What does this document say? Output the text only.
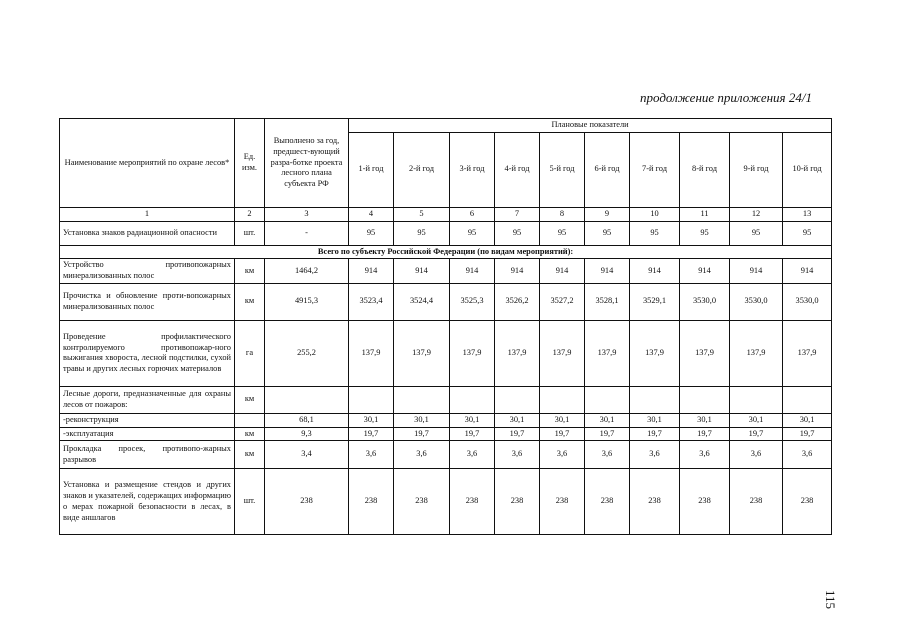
продолжение приложения 24/1
Наименование мероприятий по охране лесов*	Ед. изм.	Выполнено за год, предшест-вующий разра-ботке проекта лесного плана субъекта РФ	Плановые показатели									
			1-й год	2-й год	3-й год	4-й год	5-й год	6-й год	7-й год	8-й год	9-й год	10-й год
1	2	3	4	5	6	7	8	9	10	11	12	13
Установка знаков радиационной опасности	шт.	-	95	95	95	95	95	95	95	95	95	95
Всего по субъекту Российской Федерации (по видам мероприятий):												
Устройство противопожарных минерализованных полос	км	1464,2	914	914	914	914	914	914	914	914	914	914
Прочистка и обновление проти-вопожарных минерализованных полос	км	4915,3	3523,4	3524,4	3525,3	3526,2	3527,2	3528,1	3529,1	3530,0	3530,0	3530,0
Проведение профилактического контролируемого противопожар-ного выжигания хвороста, лесной подстилки, сухой травы и других лесных горючих материалов	га	255,2	137,9	137,9	137,9	137,9	137,9	137,9	137,9	137,9	137,9	137,9
Лесные дороги, предназначенные для охраны лесов от пожаров:	км											
-реконструкция		68,1	30,1	30,1	30,1	30,1	30,1	30,1	30,1	30,1	30,1	30,1
-эксплуатация	км	9,3	19,7	19,7	19,7	19,7	19,7	19,7	19,7	19,7	19,7	19,7
Прокладка просек, противопо-жарных разрывов	км	3,4	3,6	3,6	3,6	3,6	3,6	3,6	3,6	3,6	3,6	3,6
Установка и размещение стендов и других знаков и указателей, содержащих информацию о мерах пожарной безопасности в лесах, в виде аншлагов	шт.	238	238	238	238	238	238	238	238	238	238	238
115
